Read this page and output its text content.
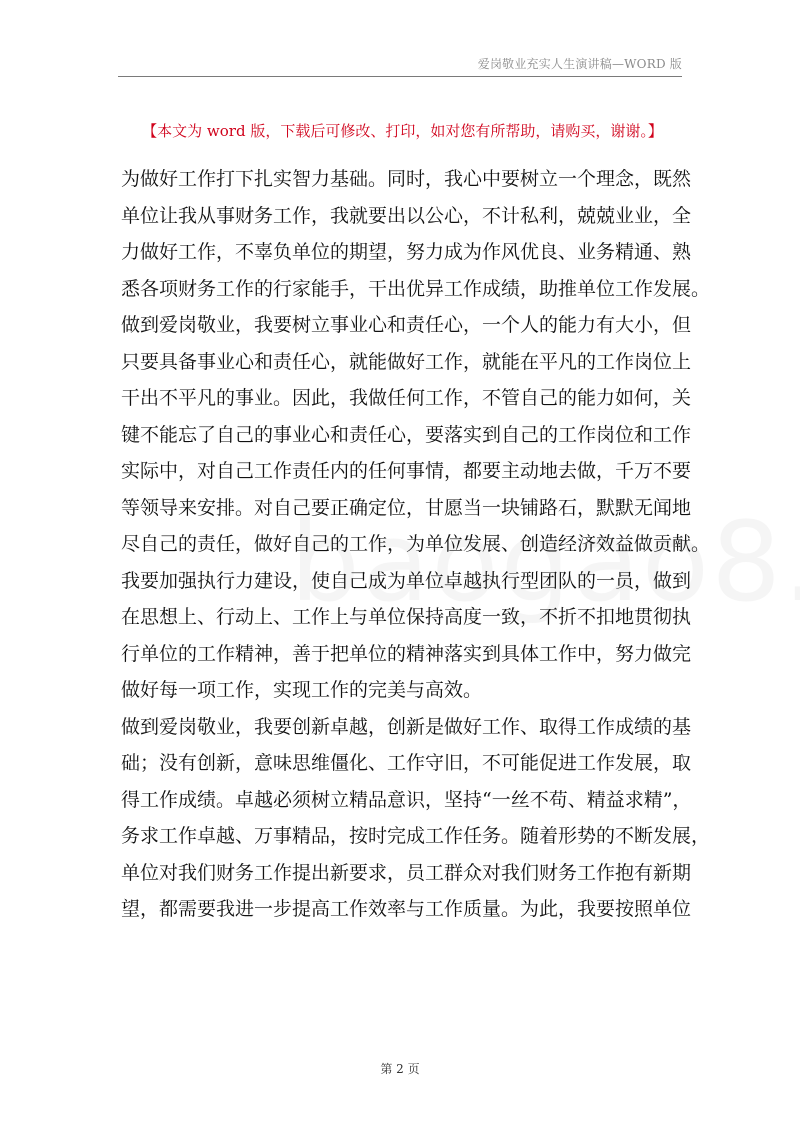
爱岗敬业充实人生演讲稿—WORD 版
【本文为 word 版，下载后可修改、打印，如对您有所帮助，请购买，谢谢。】
为做好工作打下扎实智力基础。同时，我心中要树立一个理念，既然
单位让我从事财务工作，我就要出以公心，不计私利，兢兢业业，全
力做好工作，不辜负单位的期望，努力成为作风优良、业务精通、熟
悉各项财务工作的行家能手，干出优异工作成绩，助推单位工作发展。
做到爱岗敬业，我要树立事业心和责任心，一个人的能力有大小，但
只要具备事业心和责任心，就能做好工作，就能在平凡的工作岗位上
干出不平凡的事业。因此，我做任何工作，不管自己的能力如何，关
键不能忘了自己的事业心和责任心，要落实到自己的工作岗位和工作
实际中，对自己工作责任内的任何事情，都要主动地去做，千万不要
等领导来安排。对自己要正确定位，甘愿当一块铺路石，默默无闻地
尽自己的责任，做好自己的工作，为单位发展、创造经济效益做贡献。
我要加强执行力建设，使自己成为单位卓越执行型团队的一员，做到
在思想上、行动上、工作上与单位保持高度一致，不折不扣地贯彻执
行单位的工作精神，善于把单位的精神落实到具体工作中，努力做完
做好每一项工作，实现工作的完美与高效。
做到爱岗敬业，我要创新卓越，创新是做好工作、取得工作成绩的基
础；没有创新，意味思维僵化、工作守旧，不可能促进工作发展，取
得工作成绩。卓越必须树立精品意识，坚持“一丝不苟、精益求精”，
务求工作卓越、万事精品，按时完成工作任务。随着形势的不断发展，
单位对我们财务工作提出新要求，员工群众对我们财务工作抱有新期
望，都需要我进一步提高工作效率与工作质量。为此，我要按照单位
第 2 页
